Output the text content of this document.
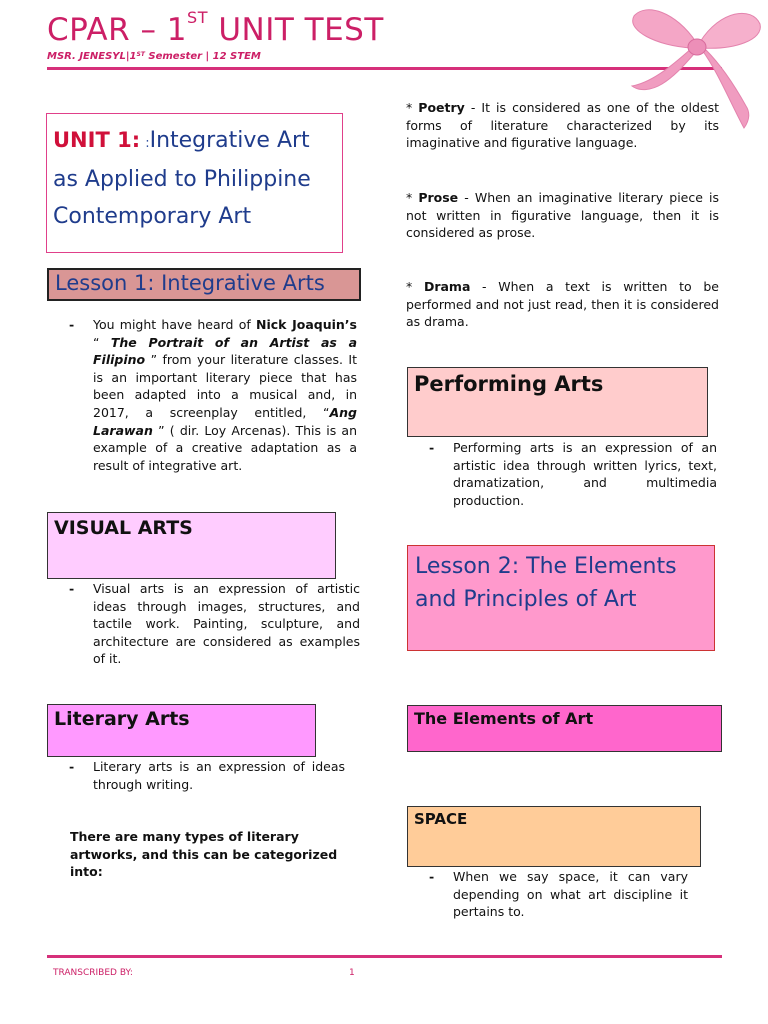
CPAR – 1ST UNIT TEST
MSR. JENESYL|1ST Semester | 12 STEM
UNIT 1: :Integrative Art
as Applied to Philippine
Contemporary Art
Lesson 1: Integrative Arts
- You might have heard of Nick Joaquin’s “ The Portrait of an Artist as a Filipino ” from your literature classes. It is an important literary piece that has been adapted into a musical and, in 2017, a screenplay entitled, “Ang Larawan ” ( dir. Loy Arcenas). This is an example of a creative adaptation as a result of integrative art.
VISUAL ARTS
- Visual arts is an expression of artistic ideas through images, structures, and tactile work. Painting, sculpture, and architecture are considered as examples of it.
Literary Arts
- Literary arts is an expression of ideas through writing.
There are many types of literary artworks, and this can be categorized into:
* Poetry - It is considered as one of the oldest forms of literature characterized by its imaginative and figurative language.
* Prose - When an imaginative literary piece is not written in figurative language, then it is considered as prose.
* Drama - When a text is written to be performed and not just read, then it is considered as drama.
Performing Arts
- Performing arts is an expression of an artistic idea through written lyrics, text, dramatization, and multimedia production.
Lesson 2: The Elements
and Principles of Art
The Elements of Art
SPACE
- When we say space, it can vary depending on what art discipline it pertains to.
TRANSCRIBED BY:	1
